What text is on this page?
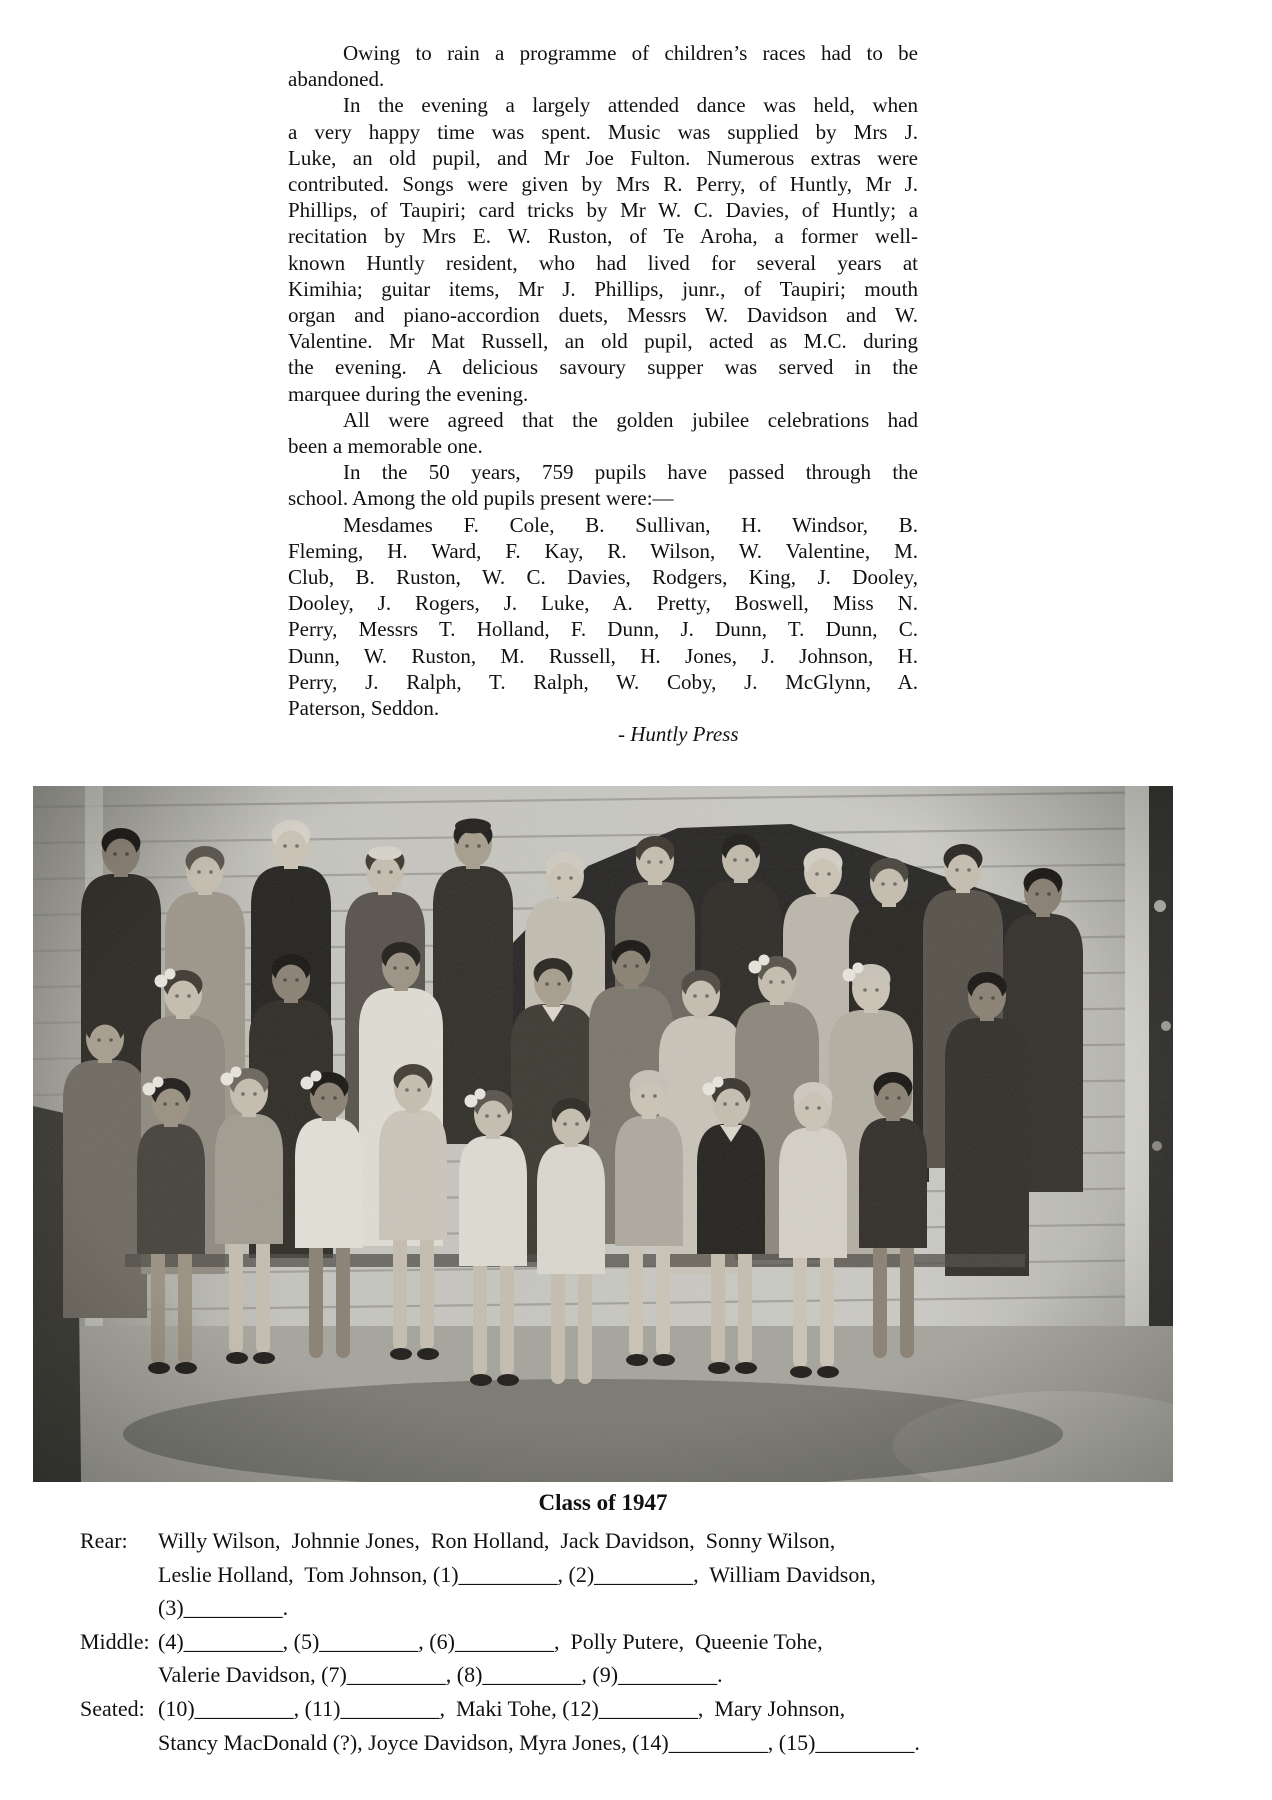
Owing to rain a programme of children’s races had to be
abandoned.
In the evening a largely attended dance was held, when
a very happy time was spent. Music was supplied by Mrs J.
Luke, an old pupil, and Mr Joe Fulton. Numerous extras were
contributed. Songs were given by Mrs R. Perry, of Huntly, Mr J.
Phillips, of Taupiri; card tricks by Mr W. C. Davies, of Huntly; a
recitation by Mrs E. W. Ruston, of Te Aroha, a former well-
known Huntly resident, who had lived for several years at
Kimihia; guitar items, Mr J. Phillips, junr., of Taupiri; mouth
organ and piano-accordion duets, Messrs W. Davidson and W.
Valentine. Mr Mat Russell, an old pupil, acted as M.C. during
the evening. A delicious savoury supper was served in the
marquee during the evening.
All were agreed that the golden jubilee celebrations had
been a memorable one.
In the 50 years, 759 pupils have passed through the
school. Among the old pupils present were:—
Mesdames F. Cole, B. Sullivan, H. Windsor, B.
Fleming, H. Ward, F. Kay, R. Wilson, W. Valentine, M.
Club, B. Ruston, W. C. Davies, Rodgers, King, J. Dooley,
Dooley, J. Rogers, J. Luke, A. Pretty, Boswell, Miss N.
Perry, Messrs T. Holland, F. Dunn, J. Dunn, T. Dunn, C.
Dunn, W. Ruston, M. Russell, H. Jones, J. Johnson, H.
Perry, J. Ralph, T. Ralph, W. Coby, J. McGlynn, A.
Paterson, Seddon.
- Huntly Press
Class of 1947
Rear:	Willy Wilson,  Johnnie Jones,  Ron Holland,  Jack Davidson,  Sonny Wilson,
Leslie Holland,  Tom Johnson, (1)_________, (2)_________,  William Davidson,
(3)_________.
Middle: (4)_________, (5)_________, (6)_________,  Polly Putere,  Queenie Tohe,
Valerie Davidson, (7)_________, (8)_________, (9)_________.
Seated: (10)_________, (11)_________,  Maki Tohe, (12)_________,  Mary Johnson,
Stancy MacDonald (?), Joyce Davidson, Myra Jones, (14)_________, (15)_________.
